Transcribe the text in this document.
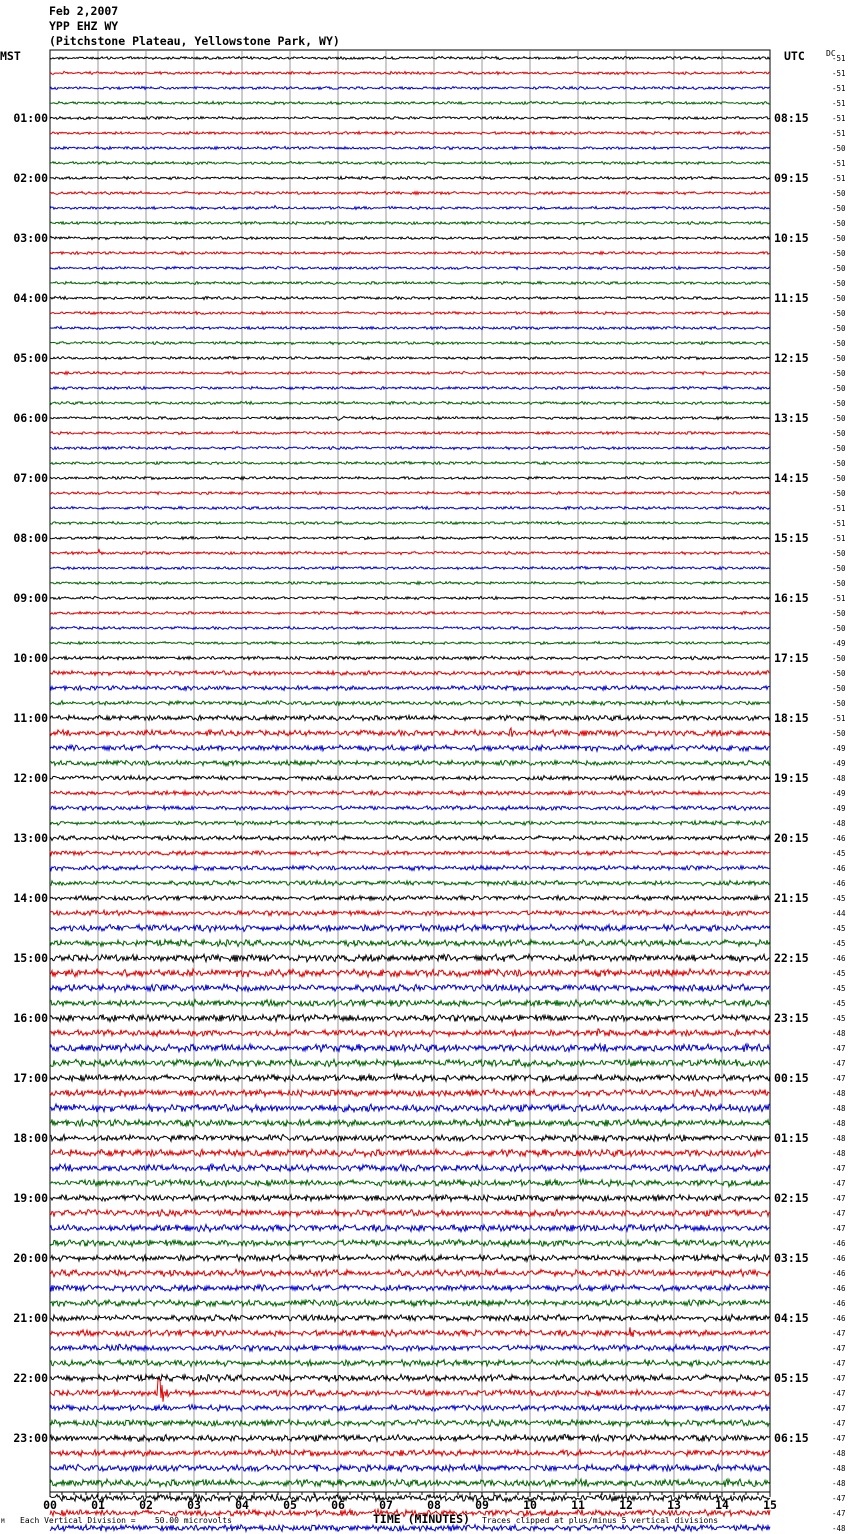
Feb 2,2007
YPP EHZ WY
(Pitchstone Plateau, Yellowstone Park, WY)
MST	UTC	DC
00	01	02	03	04	05	06	07	08	09	10	11	12	13	14	15
-51
-51
-51
-51
-51
-51
-50
-51
-51
-50
-50
-50
-50
-50
-50
-50
-50
-50
-50
-50
-50
-50
-50
-50
-50
-50
-50
-50
-50
-50
-51
-51
-51
-50
-50
-50
-51
-50
-50
-49
-50
-50
-50
-50
-51
-50
-49
-49
-48
-49
-49
-48
-46
-45
-46
-46
-45
-44
-45
-45
-46
-45
-45
-45
-45
-48
-47
-47
-47
-48
-48
-48
-48
-48
-47
-47
-47
-47
-47
-46
-46
-46
-46
-46
-46
-47
-47
-47
-47
-47
-47
-47
-47
-48
-48
-48
-47
-47
-48
01:00	08:15
02:00	09:15
03:00	10:15
04:00	11:15
05:00	12:15
06:00	13:15
07:00	14:15
08:00	15:15
09:00	16:15
10:00	17:15
11:00	18:15
12:00	19:15
13:00	20:15
14:00	21:15
15:00	22:15
16:00	23:15
17:00	00:15
18:00	01:15
19:00	02:15
20:00	03:15
21:00	04:15
22:00	05:15
23:00	06:15
M Each Vertical Division =    50.00 microvolts	TIME (MINUTES) Traces clipped at plus/minus 5 vertical divisions
